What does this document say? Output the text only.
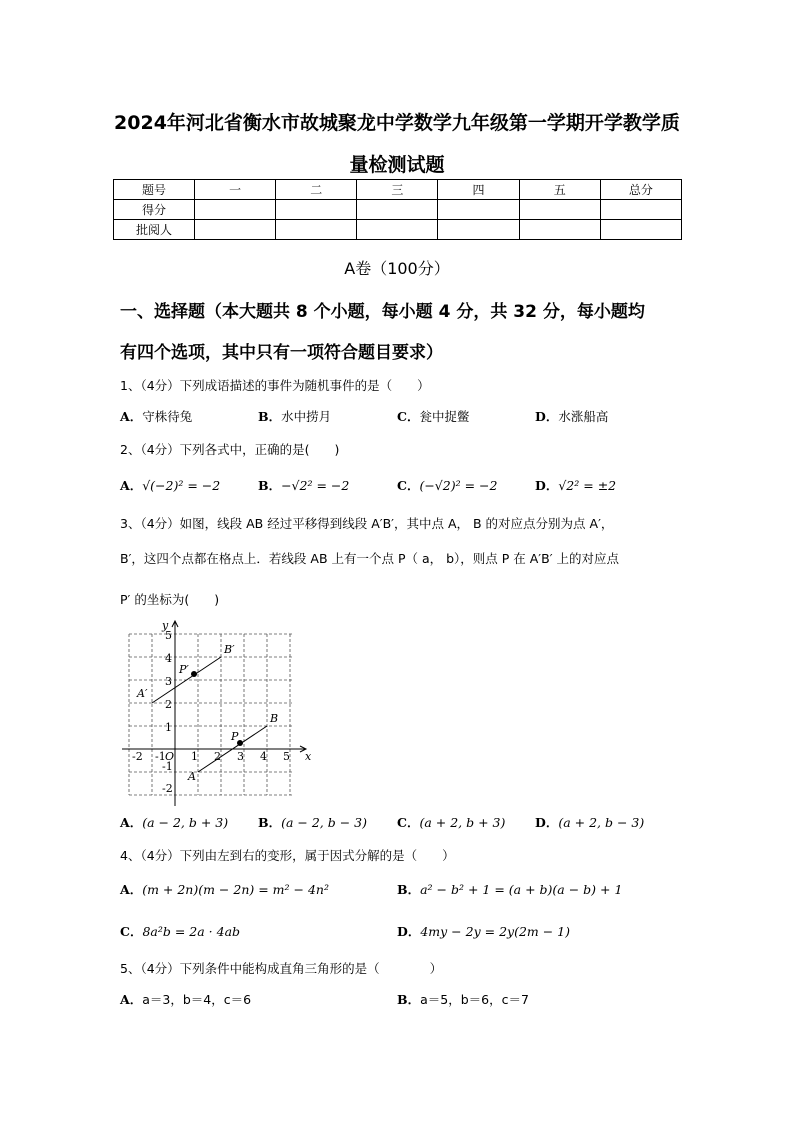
2024年河北省衡水市故城聚龙中学数学九年级第一学期开学教学质
量检测试题
题号	一	二	三	四	五	总分
得分						
批阅人						
A卷（100分）
一、选择题（本大题共 8 个小题，每小题 4 分，共 32 分，每小题均
有四个选项，其中只有一项符合题目要求）
1、（4分）下列成语描述的事件为随机事件的是（　　）
A．守株待兔	B．水中捞月	C．瓮中捉鳖	D．水涨船高
2、（4分）下列各式中，正确的是(　　)
A．√(−2)² = −2	B．−√2² = −2	C．(−√2)² = −2	D．√2² = ±2
3、（4分）如图，线段 AB 经过平移得到线段 A′B′，其中点 A， B 的对应点分别为点 A′，
B′，这四个点都在格点上．若线段 AB 上有一个点 P（ a， b），则点 P 在 A′B′ 上的对应点
P′ 的坐标为(　　)
-2 -1 O 1 2 3 4 5
5
4
3
2
1
-1
-2
x
y
A
B
P
A′
B′
P′
A．(a − 2, b + 3) B．(a − 2, b − 3) C．(a + 2, b + 3) D．(a + 2, b − 3)
4、（4分）下列由左到右的变形，属于因式分解的是（　　）
A．(m + 2n)(m − 2n) = m² − 4n²	B．a² − b² + 1 = (a + b)(a − b) + 1
C．8a²b = 2a · 4ab	D．4my − 2y = 2y(2m − 1)
5、（4分）下列条件中能构成直角三角形的是（　　　　）
A．a＝3，b＝4，c＝6	B．a＝5，b＝6，c＝7
